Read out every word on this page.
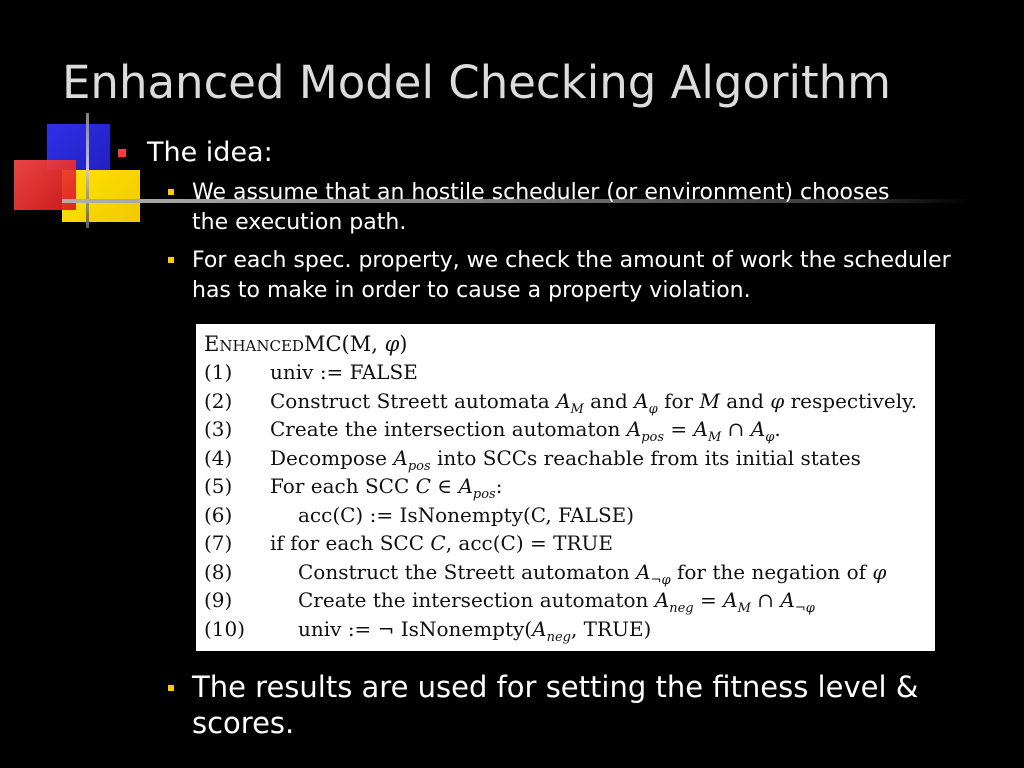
Enhanced Model Checking Algorithm
The idea:
We assume that an hostile scheduler (or environment) chooses the execution path.
For each spec. property, we check the amount of work the scheduler has to make in order to cause a property violation.
EnhancedMC(M, φ)
(1)	univ := FALSE
(2)	Construct Streett automata $A_M$ and $A_\varphi$ for M and φ respectively.
(3)	Create the intersection automaton $A_{pos} = A_M$ ∩ $A_\varphi$.
(4)	Decompose $A_{pos}$ into SCCs reachable from its initial states
(5)	For each SCC C ∈ $A_{pos}$:
(6)	acc(C) := IsNonempty(C, FALSE)
(7)	if for each SCC C, acc(C) = TRUE
(8)	Construct the Streett automaton $A_{\neg\varphi}$ for the negation of φ
(9)	Create the intersection automaton $A_{neg} = A_M$ ∩ $A_{\neg\varphi}$
(10)	univ := ¬ $IsNonempty(A_{neg}$, TRUE)
The results are used for setting the fitness level & scores.
